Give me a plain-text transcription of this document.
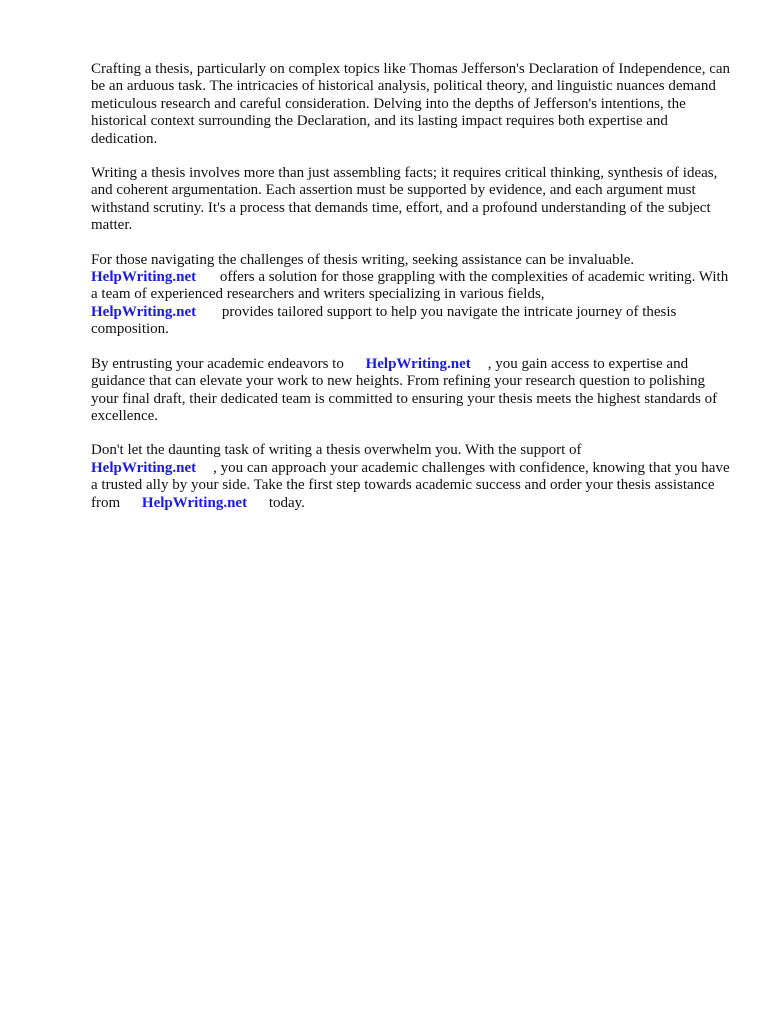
Crafting a thesis, particularly on complex topics like Thomas Jefferson's Declaration of Independence, can be an arduous task. The intricacies of historical analysis, political theory, and linguistic nuances demand meticulous research and careful consideration. Delving into the depths of Jefferson's intentions, the historical context surrounding the Declaration, and its lasting impact requires both expertise and dedication.

Writing a thesis involves more than just assembling facts; it requires critical thinking, synthesis of ideas, and coherent argumentation. Each assertion must be supported by evidence, and each argument must withstand scrutiny. It's a process that demands time, effort, and a profound understanding of the subject matter.

For those navigating the challenges of thesis writing, seeking assistance can be invaluable.
HelpWriting.net offers a solution for those grappling with the complexities of academic writing. With a team of experienced researchers and writers specializing in various fields,
HelpWriting.net provides tailored support to help you navigate the intricate journey of thesis composition.

By entrusting your academic endeavors to HelpWriting.net , you gain access to expertise and guidance that can elevate your work to new heights. From refining your research question to polishing your final draft, their dedicated team is committed to ensuring your thesis meets the highest standards of excellence.

Don't let the daunting task of writing a thesis overwhelm you. With the support of
HelpWriting.net , you can approach your academic challenges with confidence, knowing that you have a trusted ally by your side. Take the first step towards academic success and order your thesis assistance from HelpWriting.net today.
